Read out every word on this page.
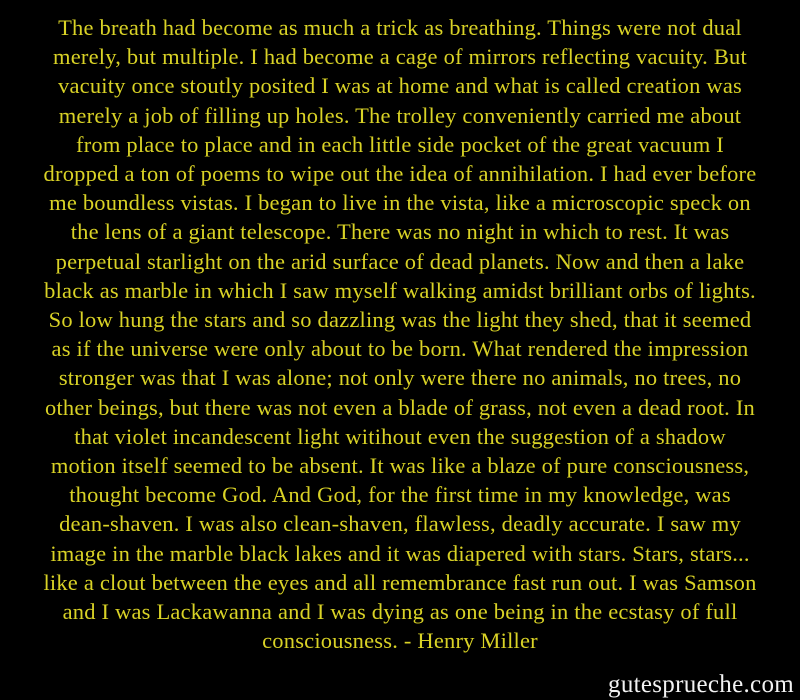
The breath had become as much a trick as breathing. Things were not dual
merely, but multiple. I had become a cage of mirrors reflecting vacuity. But
vacuity once stoutly posited I was at home and what is called creation was
merely a job of filling up holes. The trolley conveniently carried me about
from place to place and in each little side pocket of the great vacuum I
dropped a ton of poems to wipe out the idea of annihilation. I had ever before
me boundless vistas. I began to live in the vista, like a microscopic speck on
the lens of a giant telescope. There was no night in which to rest. It was
perpetual starlight on the arid surface of dead planets. Now and then a lake
black as marble in which I saw myself walking amidst brilliant orbs of lights.
So low hung the stars and so dazzling was the light they shed, that it seemed
as if the universe were only about to be born. What rendered the impression
stronger was that I was alone; not only were there no animals, no trees, no
other beings, but there was not even a blade of grass, not even a dead root. In
that violet incandescent light witihout even the suggestion of a shadow
motion itself seemed to be absent. It was like a blaze of pure consciousness,
thought become God. And God, for the first time in my knowledge, was
dean-shaven. I was also clean-shaven, flawless, deadly accurate. I saw my
image in the marble black lakes and it was diapered with stars. Stars, stars...
like a clout between the eyes and all remembrance fast run out. I was Samson
and I was Lackawanna and I was dying as one being in the ecstasy of full
consciousness. - Henry Miller
gutesprueche.com
